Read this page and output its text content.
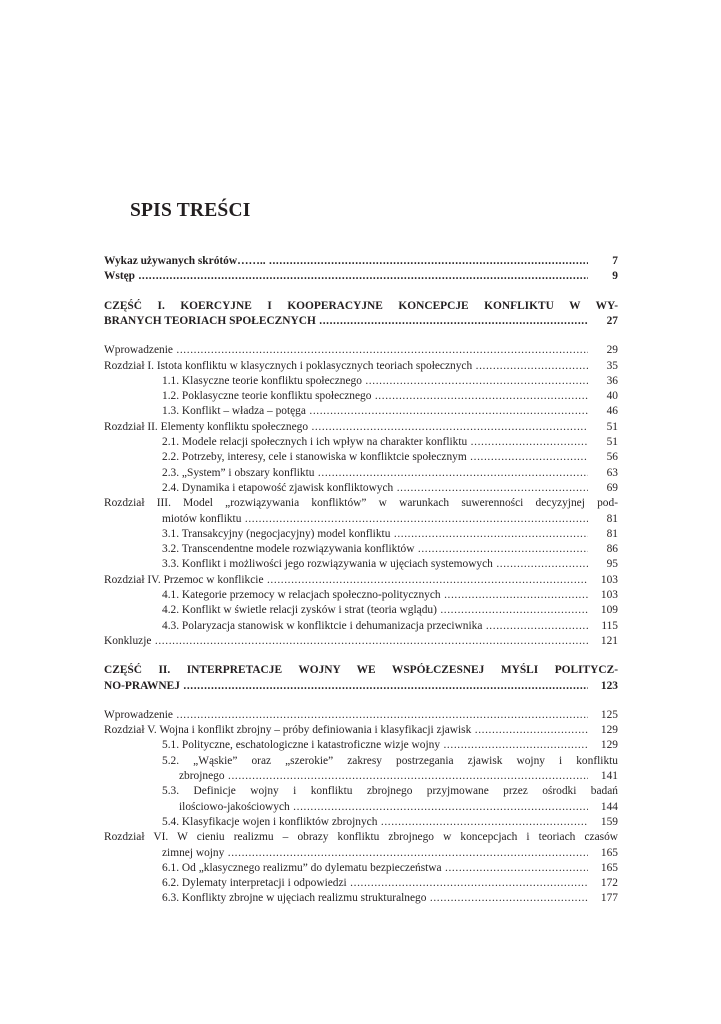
SPIS TREŚCI
Wykaz używanych skrótów…….. .....	7
Wstęp .....	9
CZĘŚĆ I. KOERCYJNE I KOOPERACYJNE KONCEPCJE KONFLIKTU W WY-
BRANYCH TEORIACH SPOŁECZNYCH .....	27
Wprowadzenie .....	29
Rozdział I. Istota konfliktu w klasycznych i poklasycznych teoriach społecznych .....	35
1.1. Klasyczne teorie konfliktu społecznego .....	36
1.2. Poklasyczne teorie konfliktu społecznego .....	40
1.3. Konflikt – władza – potęga .....	46
Rozdział II. Elementy konfliktu społecznego .....	51
2.1. Modele relacji społecznych i ich wpływ na charakter konfliktu .....	51
2.2. Potrzeby, interesy, cele i stanowiska w konfliktcie społecznym .....	56
2.3. „System” i obszary konfliktu .....	63
2.4. Dynamika i etapowość zjawisk konfliktowych .....	69
Rozdział III. Model „rozwiązywania konfliktów” w warunkach suwerenności decyzyjnej pod-
miotów konfliktu .....	81
3.1. Transakcyjny (negocjacyjny) model konfliktu .....	81
3.2. Transcendentne modele rozwiązywania konfliktów .....	86
3.3. Konflikt i możliwości jego rozwiązywania w ujęciach systemowych .....	95
Rozdział IV. Przemoc w konflikcie .....	103
4.1. Kategorie przemocy w relacjach społeczno-politycznych .....	103
4.2. Konflikt w świetle relacji zysków i strat (teoria wglądu) .....	109
4.3. Polaryzacja stanowisk w konfliktcie i dehumanizacja przeciwnika .....	115
Konkluzje .....	121
CZĘŚĆ II. INTERPRETACJE WOJNY WE WSPÓŁCZESNEJ MYŚLI POLITYCZ-
NO-PRAWNEJ .....	123
Wprowadzenie .....	125
Rozdział V. Wojna i konflikt zbrojny – próby definiowania i klasyfikacji zjawisk .....	129
5.1. Polityczne, eschatologiczne i katastroficzne wizje wojny .....	129
5.2. „Wąskie” oraz „szerokie” zakresy postrzegania zjawisk wojny i konfliktu
zbrojnego .....	141
5.3. Definicje wojny i konfliktu zbrojnego przyjmowane przez ośrodki badań
ilościowo-jakościowych .....	144
5.4. Klasyfikacje wojen i konfliktów zbrojnych .....	159
Rozdział VI. W cieniu realizmu – obrazy konfliktu zbrojnego w koncepcjach i teoriach czasów
zimnej wojny .....	165
6.1. Od „klasycznego realizmu” do dylematu bezpieczeństwa .....	165
6.2. Dylematy interpretacji i odpowiedzi .....	172
6.3. Konflikty zbrojne w ujęciach realizmu strukturalnego .....	177
